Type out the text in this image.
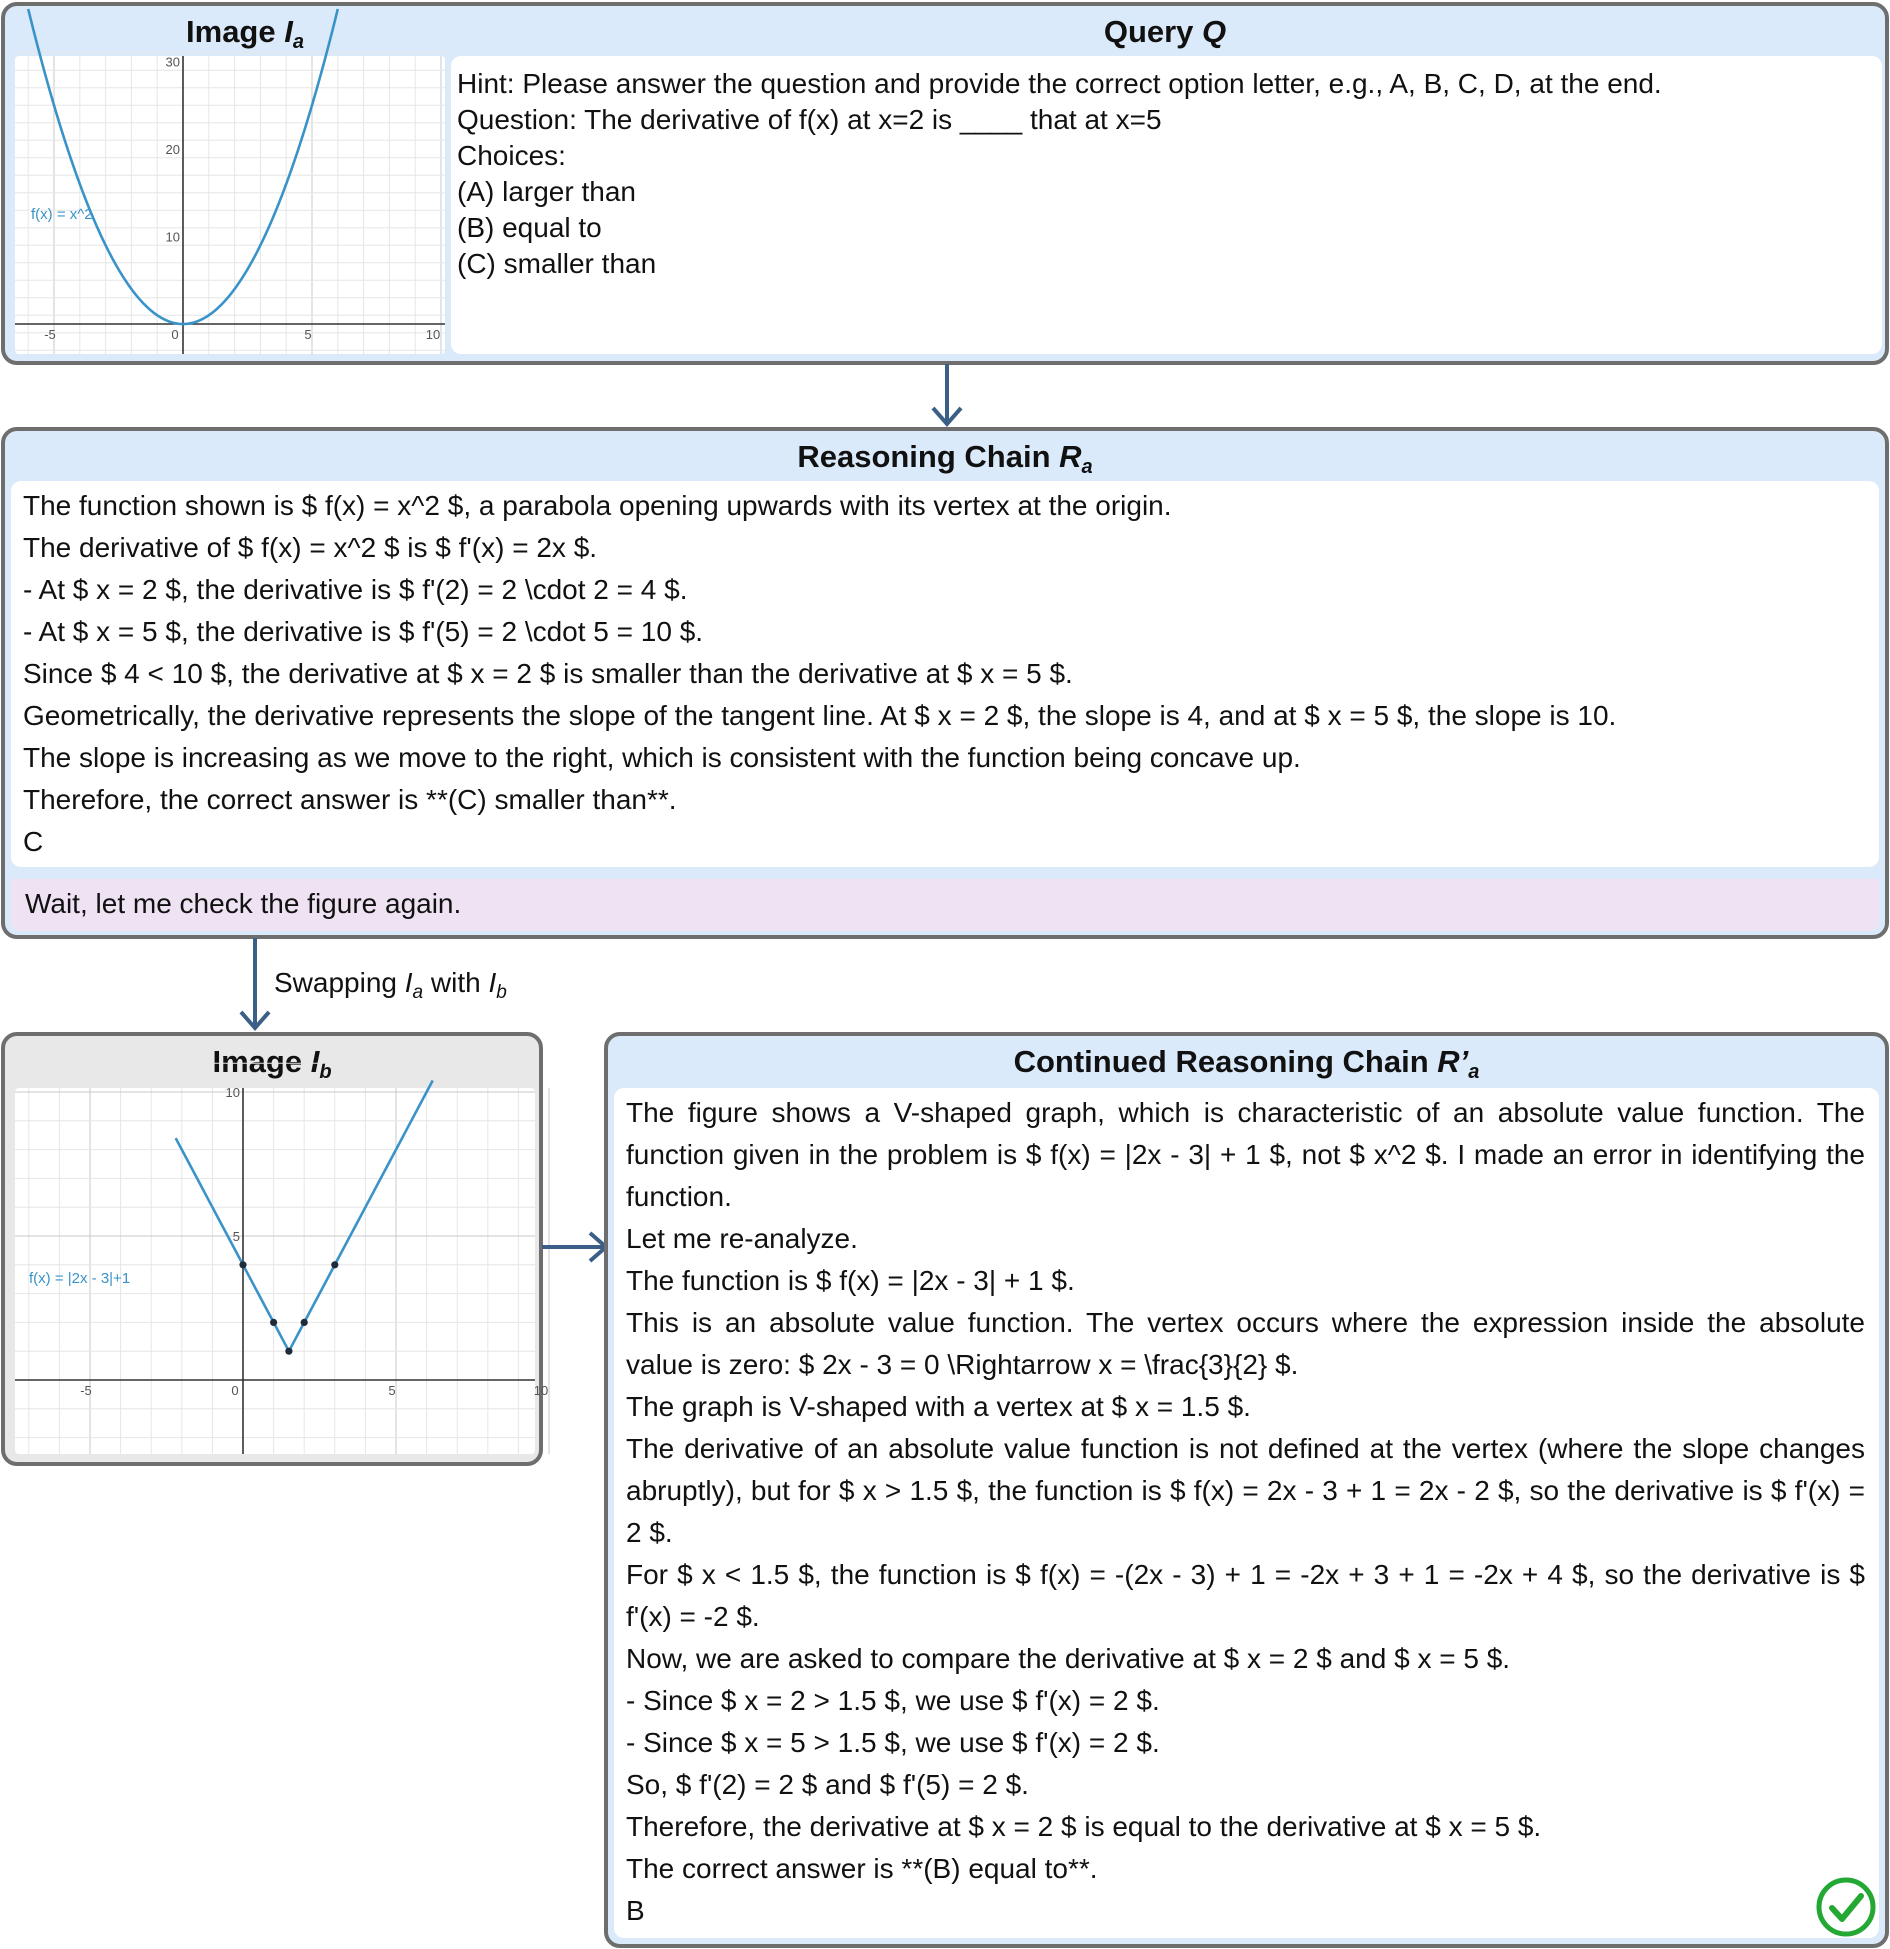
Image $I_a$	Query Q
-5	0	5	10
10
20
30
f(x) = x^2
Hint: Please answer the question and provide the correct option letter, e.g., A, B, C, D, at the end.
Question: The derivative of f(x) at x=2 is ____ that at x=5
Choices:
(A) larger than
(B) equal to
(C) smaller than
Reasoning Chain $R_a$
The function shown is $ f(x) = x^2 $, a parabola opening upwards with its vertex at the origin.
The derivative of $ f(x) = x^2 $ is $ f'(x) = 2x $.
- At $ x = 2 $, the derivative is $ f'(2) = 2 \cdot 2 = 4 $.
- At $ x = 5 $, the derivative is $ f'(5) = 2 \cdot 5 = 10 $.
Since $ 4 < 10 $, the derivative at $ x = 2 $ is smaller than the derivative at $ x = 5 $.
Geometrically, the derivative represents the slope of the tangent line. At $ x = 2 $, the slope is 4, and at $ x = 5 $, the slope is 10.
The slope is increasing as we move to the right, which is consistent with the function being concave up.
Therefore, the correct answer is **(C) smaller than**.
C
Wait, let me check the figure again.
Swapping $I_a$ with $I_b$
Image $I_b$
-5	0	5	10
5
10
f(x) = |2x - 3|+1
Continued Reasoning Chain $R’_a$
The figure shows a V-shaped graph, which is characteristic of an absolute value function. The function given in the problem is $ f(x) = |2x - 3| + 1 $, not $ x^2 $. I made an error in identifying the function.
Let me re-analyze.
The function is $ f(x) = |2x - 3| + 1 $.
This is an absolute value function. The vertex occurs where the expression inside the absolute value is zero: $ 2x - 3 = 0 \Rightarrow x = \frac{3}{2} $.
The graph is V-shaped with a vertex at $ x = 1.5 $.
The derivative of an absolute value function is not defined at the vertex (where the slope changes abruptly), but for $ x > 1.5 $, the function is $ f(x) = 2x - 3 + 1 = 2x - 2 $, so the derivative is $ f'(x) = 2 $.
For $ x < 1.5 $, the function is $ f(x) = -(2x - 3) + 1 = -2x + 3 + 1 = -2x + 4 $, so the derivative is $ f'(x) = -2 $.
Now, we are asked to compare the derivative at $ x = 2 $ and $ x = 5 $.
- Since $ x = 2 > 1.5 $, we use $ f'(x) = 2 $.
- Since $ x = 5 > 1.5 $, we use $ f'(x) = 2 $.
So, $ f'(2) = 2 $ and $ f'(5) = 2 $.
Therefore, the derivative at $ x = 2 $ is equal to the derivative at $ x = 5 $.
The correct answer is **(B) equal to**.
B
